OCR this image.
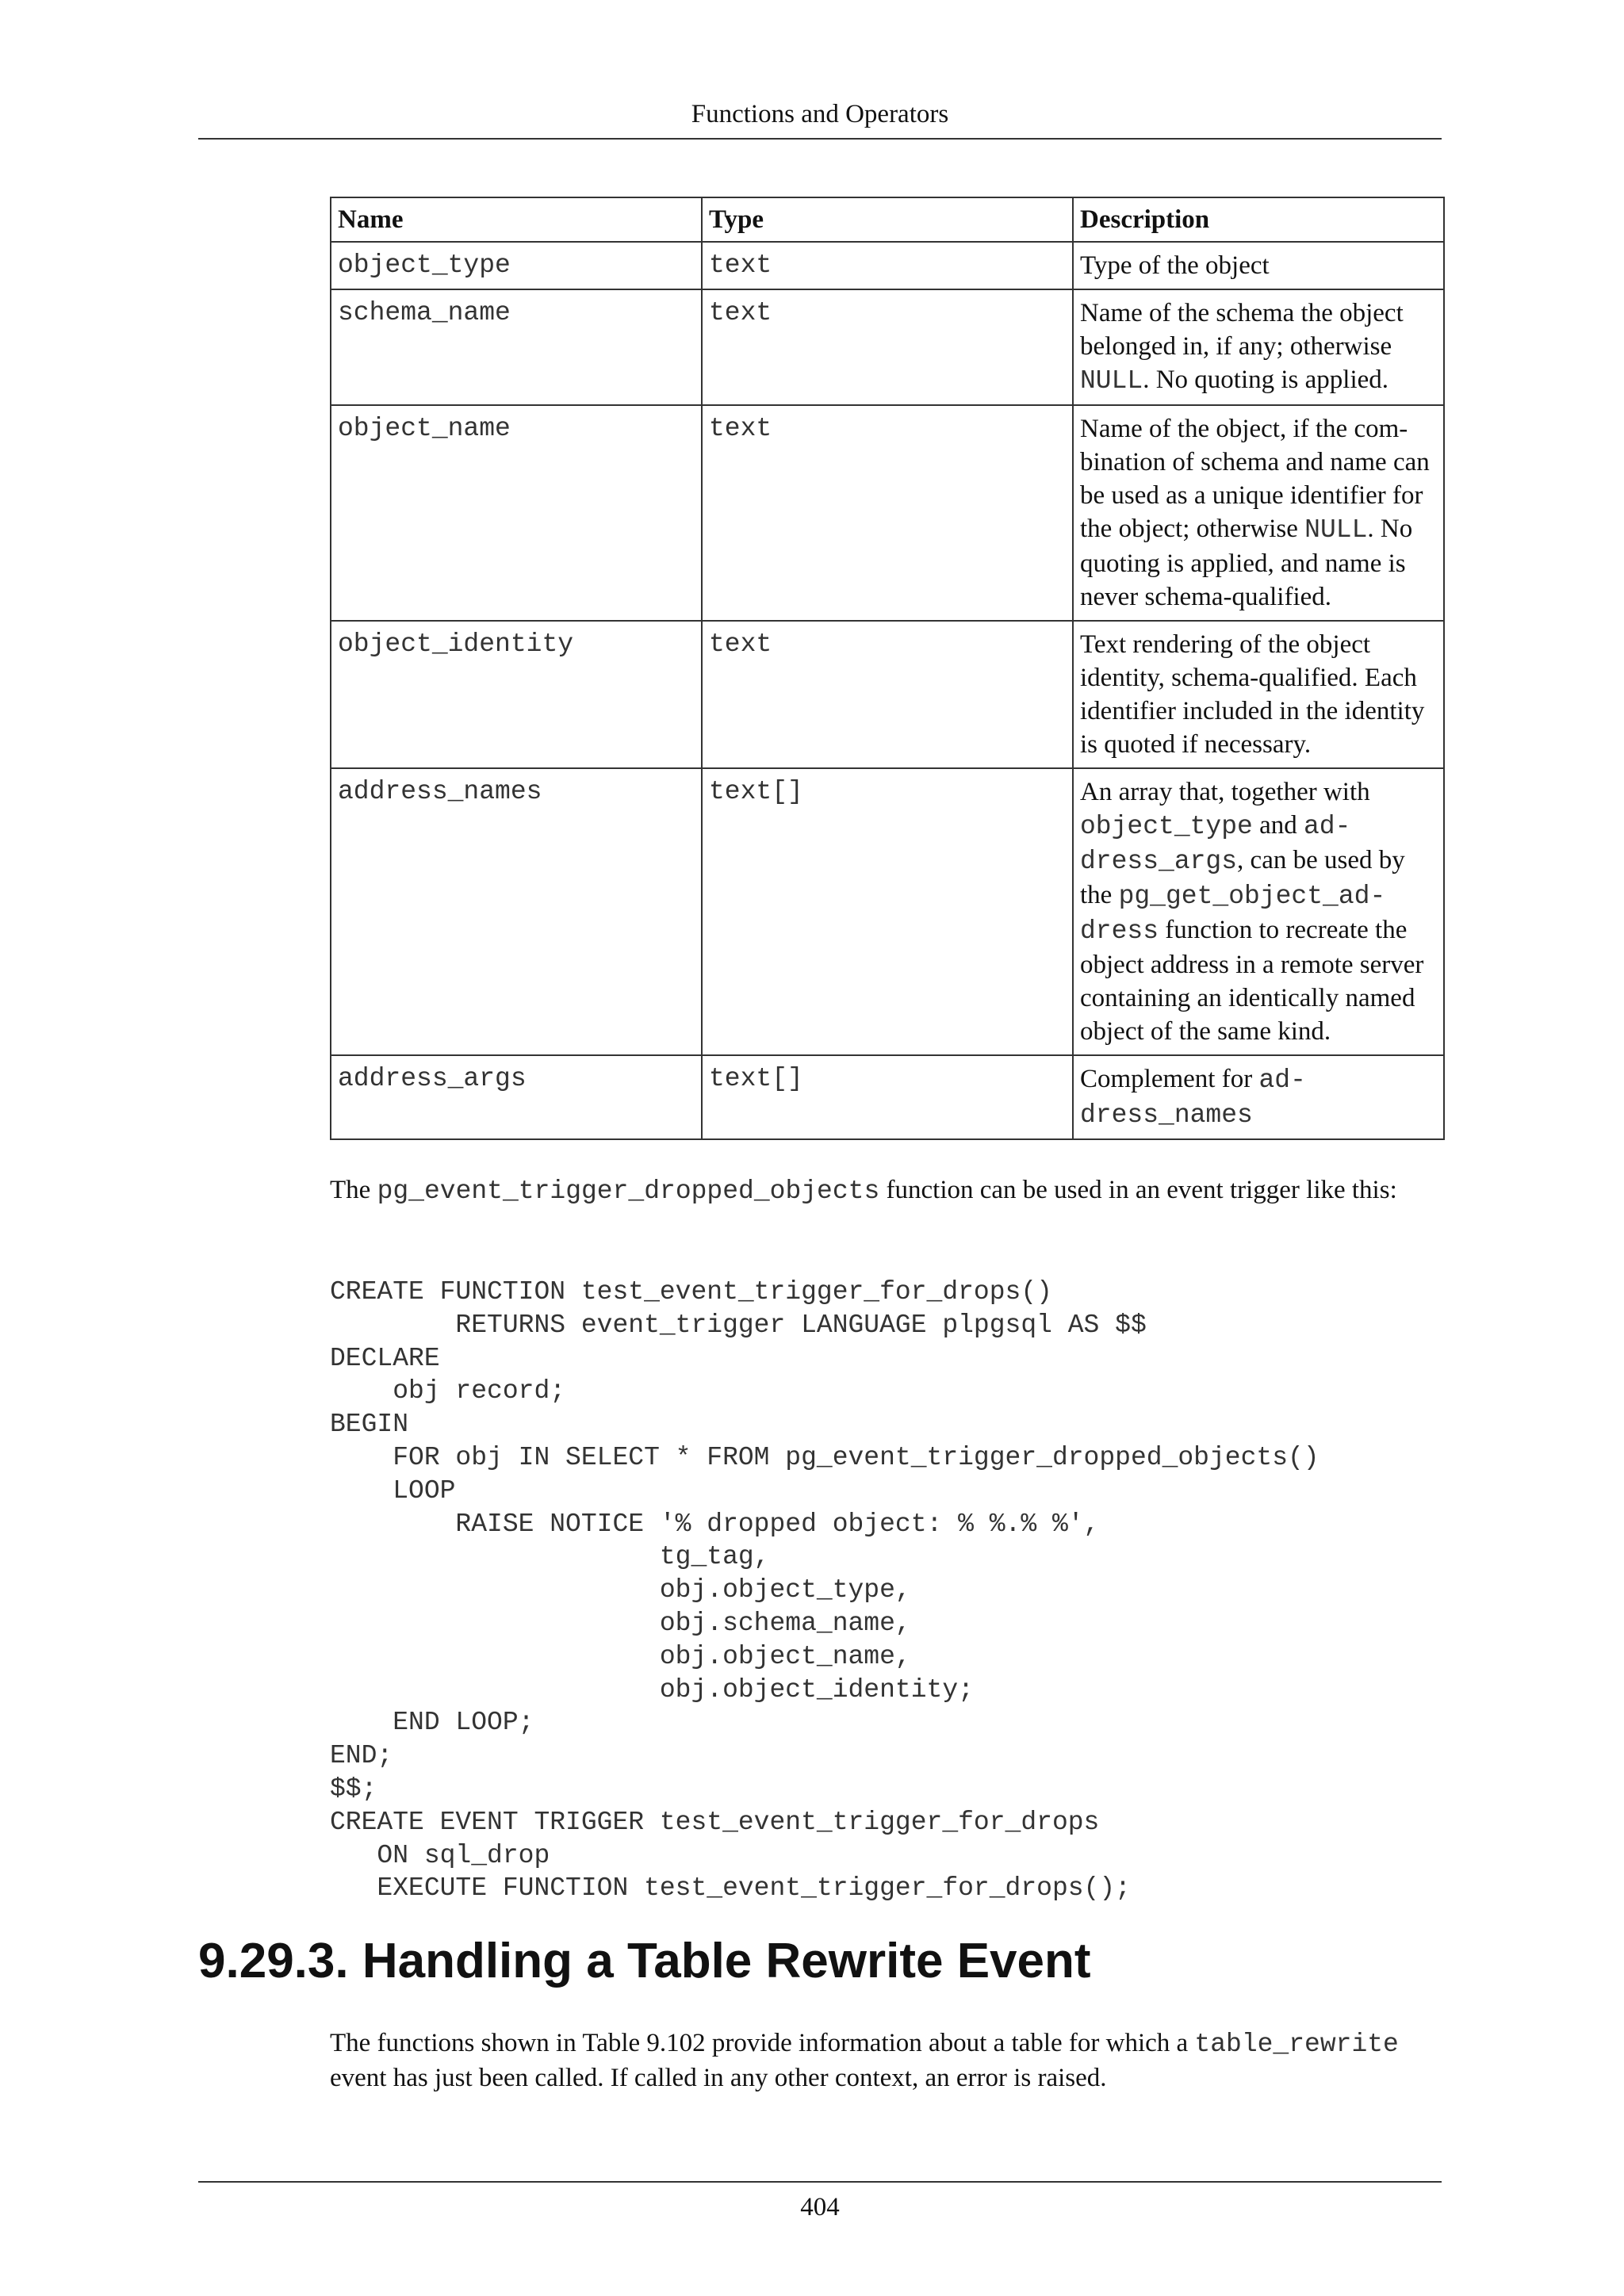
Functions and Operators
Name	Type	Description
object_type	text	Type of the object
schema_name	text	Name of the schema the object belonged in, if any; otherwise NULL. No quoting is applied.
object_name	text	Name of the object, if the combination of schema and name can be used as a unique identifier for the object; otherwise NULL. No quoting is applied, and name is never schema-qualified.
object_identity	text	Text rendering of the object identity, schema-qualified. Each identifier included in the identity is quoted if necessary.
address_names	text[]	An array that, together with object_type and address_args, can be used by the pg_get_object_address function to recreate the object address in a remote server containing an identically named object of the same kind.
address_args	text[]	Complement for address_names
The pg_event_trigger_dropped_objects function can be used in an event trigger like this:
CREATE FUNCTION test_event_trigger_for_drops()
RETURNS event_trigger LANGUAGE plpgsql AS $$
DECLARE
obj record;
BEGIN
FOR obj IN SELECT * FROM pg_event_trigger_dropped_objects()
LOOP
RAISE NOTICE '% dropped object: % %.% %',
tg_tag,
obj.object_type,
obj.schema_name,
obj.object_name,
obj.object_identity;
END LOOP;
END;
$$;
CREATE EVENT TRIGGER test_event_trigger_for_drops
ON sql_drop
EXECUTE FUNCTION test_event_trigger_for_drops();
9.29.3. Handling a Table Rewrite Event
The functions shown in Table 9.102 provide information about a table for which a table_rewrite event has just been called. If called in any other context, an error is raised.
404
